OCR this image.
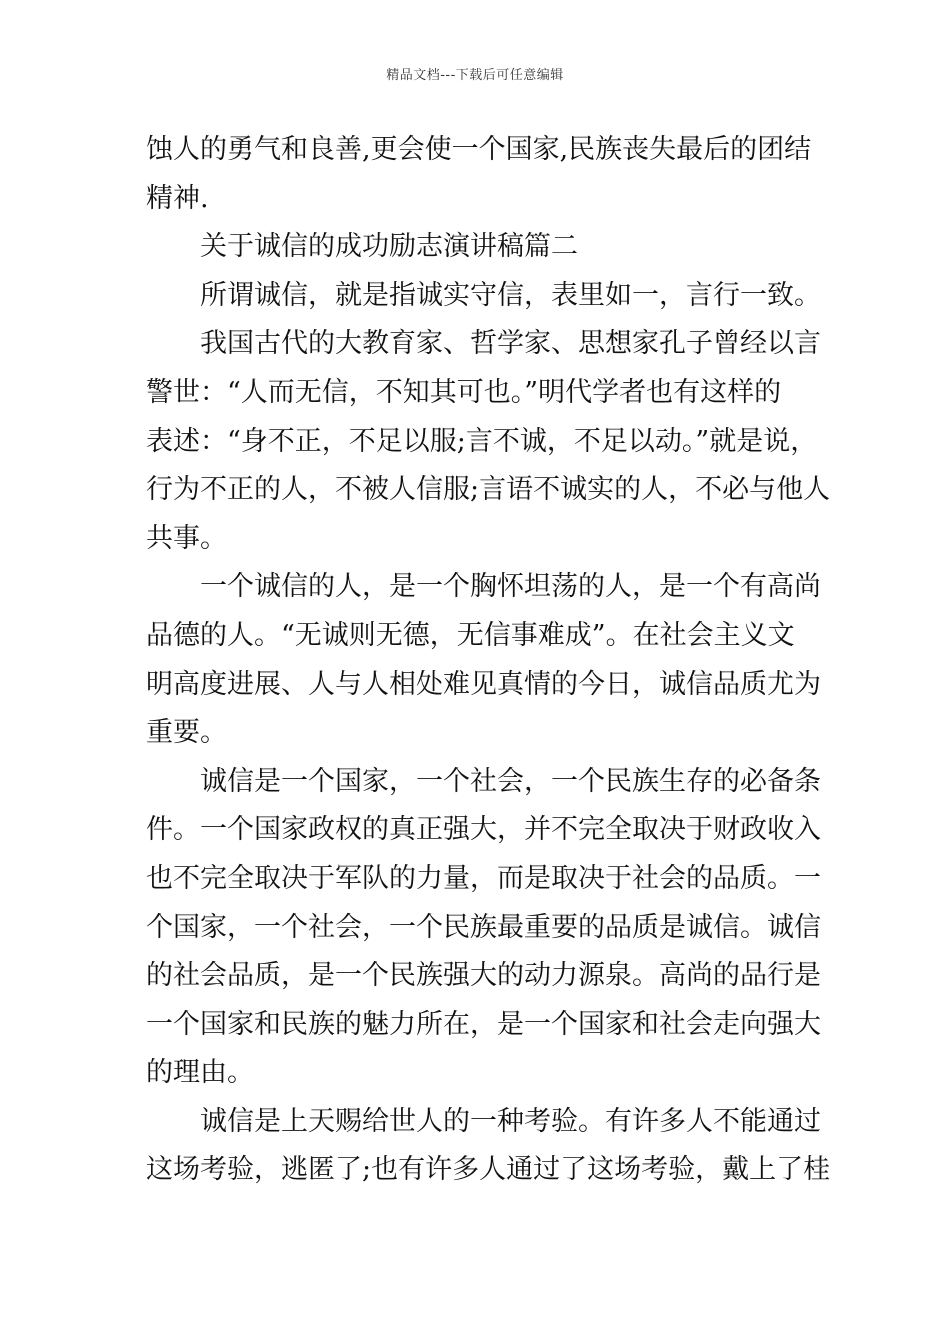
精品文档---下载后可任意编辑
蚀人的勇气和良善,更会使一个国家,民族丧失最后的团结
精神.
关于诚信的成功励志演讲稿篇二
所谓诚信，就是指诚实守信，表里如一，言行一致。
我国古代的大教育家、哲学家、思想家孔子曾经以言
警世：“人而无信，不知其可也。”明代学者也有这样的
表述：“身不正，不足以服;言不诚，不足以动。”就是说，
行为不正的人，不被人信服;言语不诚实的人，不必与他人
共事。
一个诚信的人，是一个胸怀坦荡的人，是一个有高尚
品德的人。“无诚则无德，无信事难成”。在社会主义文
明高度进展、人与人相处难见真情的今日，诚信品质尤为
重要。
诚信是一个国家，一个社会，一个民族生存的必备条
件。一个国家政权的真正强大，并不完全取决于财政收入
也不完全取决于军队的力量，而是取决于社会的品质。一
个国家，一个社会，一个民族最重要的品质是诚信。诚信
的社会品质，是一个民族强大的动力源泉。高尚的品行是
一个国家和民族的魅力所在，是一个国家和社会走向强大
的理由。
诚信是上天赐给世人的一种考验。有许多人不能通过
这场考验，逃匿了;也有许多人通过了这场考验，戴上了桂
